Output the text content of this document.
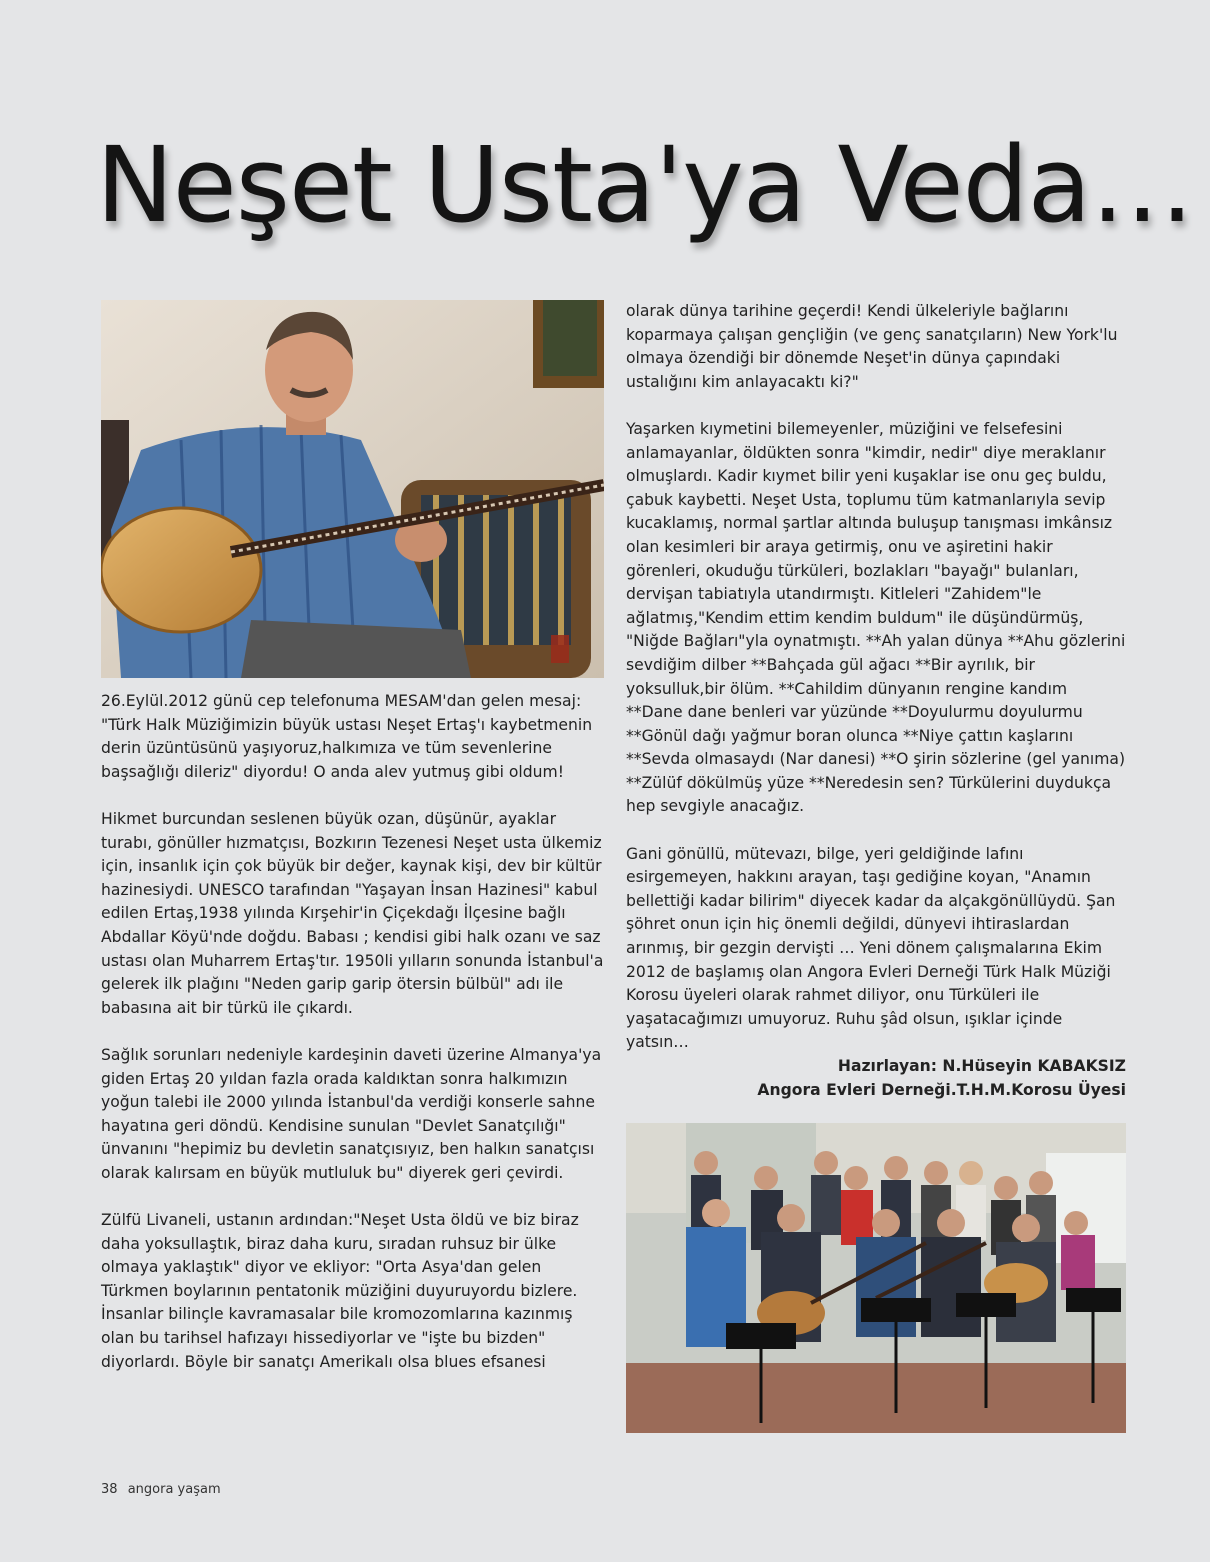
Neşet Usta'ya Veda…

26.Eylül.2012 günü cep telefonuma MESAM'dan gelen mesaj: "Türk Halk Müziğimizin büyük ustası Neşet Ertaş'ı kaybetmenin derin üzüntüsünü yaşıyoruz,halkımıza ve tüm sevenlerine başsağlığı dileriz" diyordu! O anda alev yutmuş gibi oldum!

Hikmet burcundan seslenen büyük ozan, düşünür, ayaklar turabı, gönüller hızmatçısı, Bozkırın Tezenesi Neşet usta ülkemiz için, insanlık için çok büyük bir değer, kaynak kişi, dev bir kültür hazinesiydi. UNESCO tarafından "Yaşayan İnsan Hazinesi" kabul edilen Ertaş,1938 yılında Kırşehir'in Çiçekdağı İlçesine bağlı Abdallar Köyü'nde doğdu. Babası ; kendisi gibi halk ozanı ve saz ustası olan Muharrem Ertaş'tır. 1950li yılların sonunda İstanbul'a gelerek ilk plağını "Neden garip garip ötersin bülbül" adı ile babasına ait bir türkü ile çıkardı.

Sağlık sorunları nedeniyle kardeşinin daveti üzerine Almanya'ya giden Ertaş 20 yıldan fazla orada kaldıktan sonra halkımızın yoğun talebi ile 2000 yılında İstanbul'da verdiği konserle sahne hayatına geri döndü. Kendisine sunulan "Devlet Sanatçılığı" ünvanını "hepimiz bu devletin sanatçısıyız, ben halkın sanatçısı olarak kalırsam en büyük mutluluk bu" diyerek geri çevirdi.

Zülfü Livaneli, ustanın ardından:"Neşet Usta öldü ve biz biraz daha yoksullaştık, biraz daha kuru, sıradan ruhsuz bir ülke olmaya yaklaştık" diyor ve ekliyor: "Orta Asya'dan gelen Türkmen boylarının pentatonik müziğini duyuruyordu bizlere. İnsanlar bilinçle kavramasalar bile kromozomlarına kazınmış olan bu tarihsel hafızayı hissediyorlar ve "işte bu bizden" diyorlardı. Böyle bir sanatçı Amerikalı olsa blues efsanesi

olarak dünya tarihine geçerdi! Kendi ülkeleriyle bağlarını koparmaya çalışan gençliğin (ve genç sanatçıların) New York'lu olmaya özendiği bir dönemde Neşet'in dünya çapındaki ustalığını kim anlayacaktı ki?"

Yaşarken kıymetini bilemeyenler, müziğini ve felsefesini anlamayanlar, öldükten sonra "kimdir, nedir" diye meraklanır olmuşlardı. Kadir kıymet bilir yeni kuşaklar ise onu geç buldu, çabuk kaybetti. Neşet Usta, toplumu tüm katmanlarıyla sevip kucaklamış, normal şartlar altında buluşup tanışması imkânsız olan kesimleri bir araya getirmiş, onu ve aşiretini hakir görenleri, okuduğu türküleri, bozlakları "bayağı" bulanları, dervişan tabiatıyla utandırmıştı. Kitleleri "Zahidem"le ağlatmış,"Kendim ettim kendim buldum" ile düşündürmüş, "Niğde Bağları"yla oynatmıştı. **Ah yalan dünya **Ahu gözlerini sevdiğim dilber **Bahçada gül ağacı **Bir ayrılık, bir yoksulluk,bir ölüm. **Cahildim dünyanın rengine kandım **Dane dane benleri var yüzünde **Doyulurmu doyulurmu **Gönül dağı yağmur boran olunca **Niye çattın kaşlarını **Sevda olmasaydı (Nar danesi) **O şirin sözlerine (gel yanıma) **Zülüf dökülmüş yüze **Neredesin sen? Türkülerini duydukça hep sevgiyle anacağız.

Gani gönüllü, mütevazı, bilge, yeri geldiğinde lafını esirgemeyen, hakkını arayan, taşı gediğine koyan, "Anamın bellettiği kadar bilirim" diyecek kadar da alçakgönüllüydü. Şan şöhret onun için hiç önemli değildi, dünyevi ihtiraslardan arınmış, bir gezgin dervişti … Yeni dönem çalışmalarına Ekim 2012 de başlamış olan Angora Evleri Derneği Türk Halk Müziği Korosu üyeleri olarak rahmet diliyor, onu Türküleri ile yaşatacağımızı umuyoruz. Ruhu şâd olsun, ışıklar içinde yatsın…

Hazırlayan: N.Hüseyin KABAKSIZ
Angora Evleri Derneği.T.H.M.Korosu Üyesi
38 angora yaşam
